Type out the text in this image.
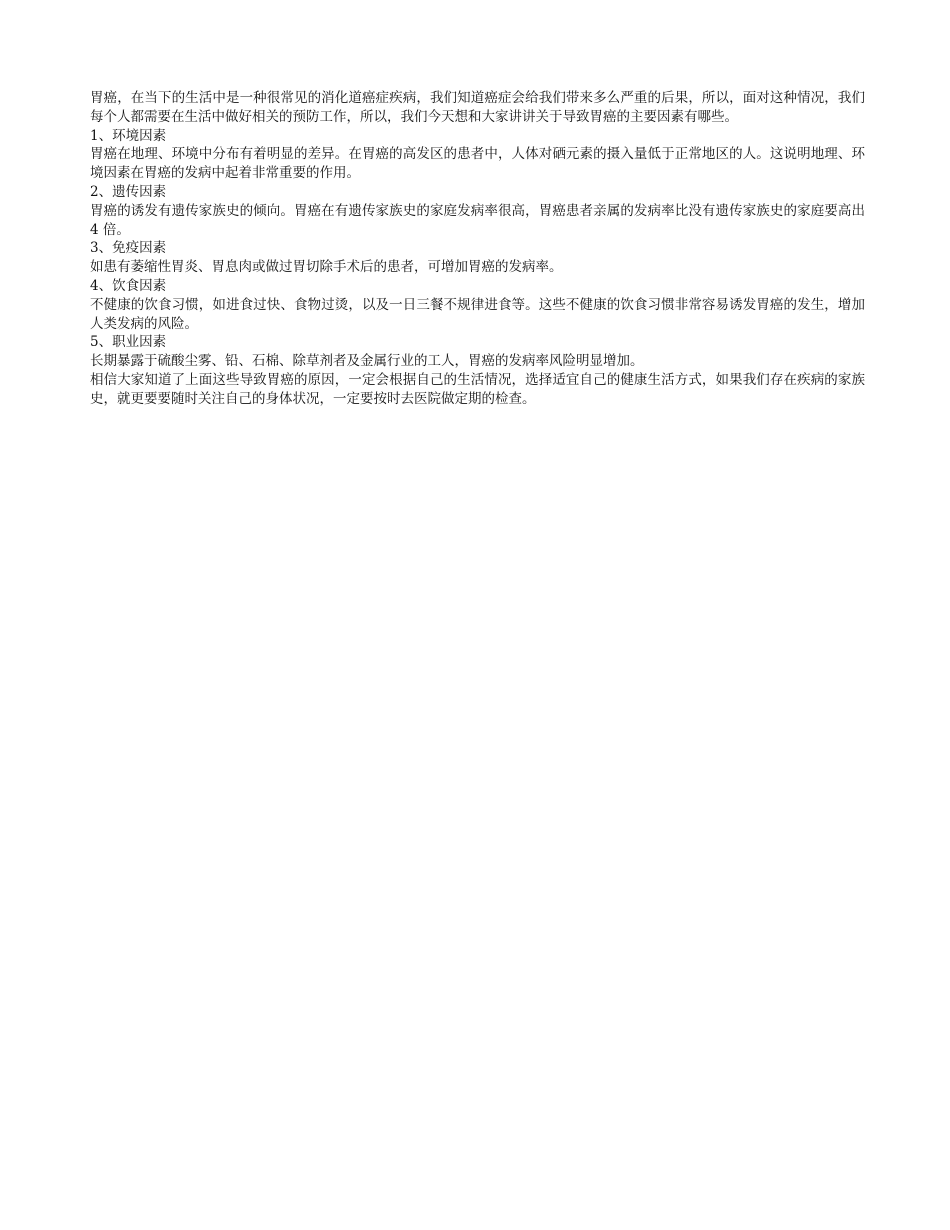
胃癌，在当下的生活中是一种很常见的消化道癌症疾病，我们知道癌症会给我们带来多么严重的后果，所以，面对这种情况，我们每个人都需要在生活中做好相关的预防工作，所以，我们今天想和大家讲讲关于导致胃癌的主要因素有哪些。

1、环境因素

胃癌在地理、环境中分布有着明显的差异。在胃癌的高发区的患者中，人体对硒元素的摄入量低于正常地区的人。这说明地理、环境因素在胃癌的发病中起着非常重要的作用。

2、遗传因素

胃癌的诱发有遗传家族史的倾向。胃癌在有遗传家族史的家庭发病率很高，胃癌患者亲属的发病率比没有遗传家族史的家庭要高出 4 倍。

3、免疫因素

如患有萎缩性胃炎、胃息肉或做过胃切除手术后的患者，可增加胃癌的发病率。

4、饮食因素

不健康的饮食习惯，如进食过快、食物过烫，以及一日三餐不规律进食等。这些不健康的饮食习惯非常容易诱发胃癌的发生，增加人类发病的风险。

5、职业因素

长期暴露于硫酸尘雾、铅、石棉、除草剂者及金属行业的工人，胃癌的发病率风险明显增加。

相信大家知道了上面这些导致胃癌的原因，一定会根据自己的生活情况，选择适宜自己的健康生活方式，如果我们存在疾病的家族史，就更要要随时关注自己的身体状况，一定要按时去医院做定期的检查。
